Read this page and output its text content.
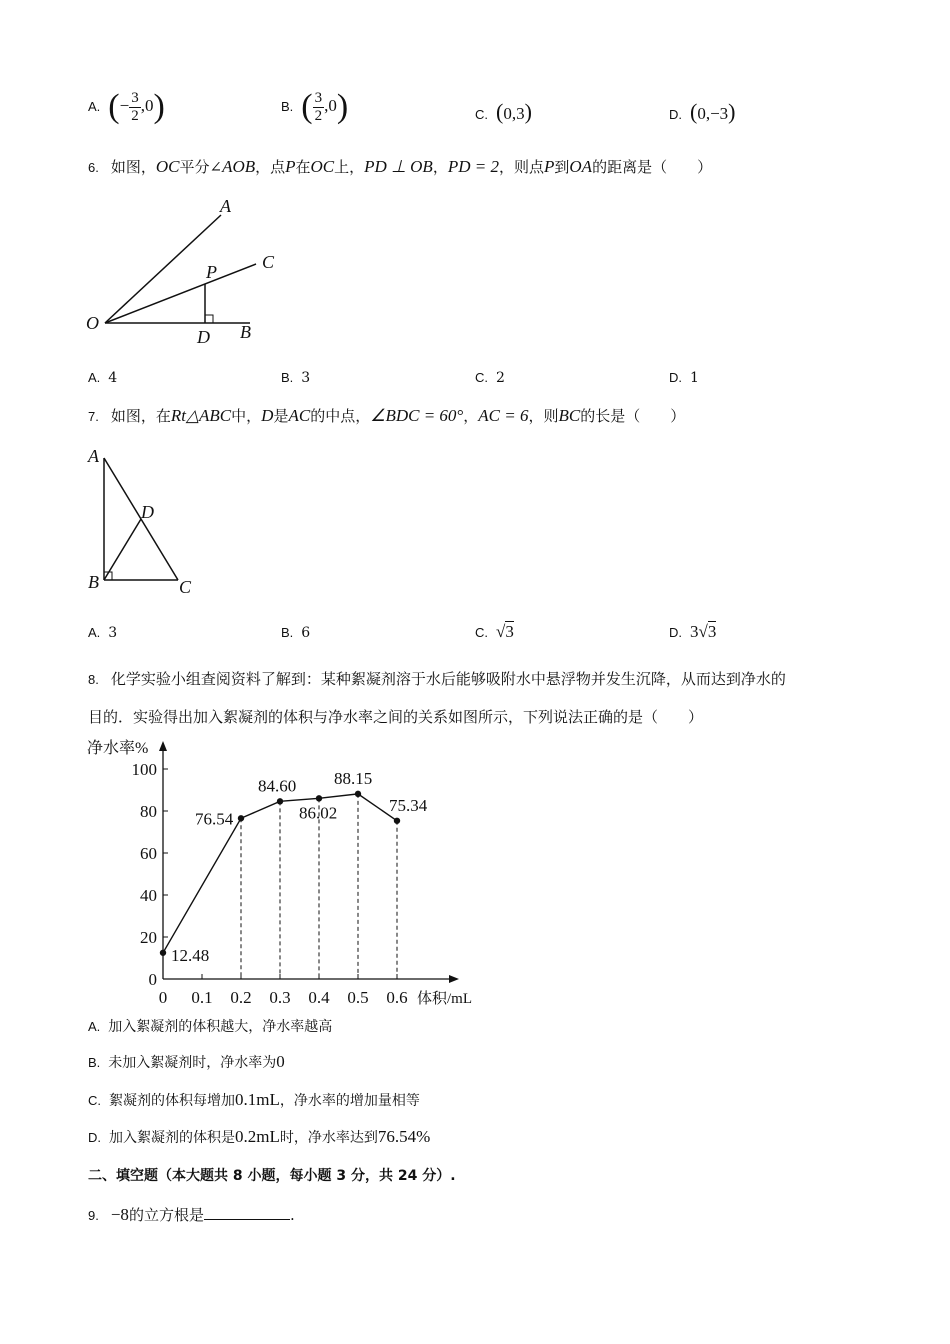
A. (− $\frac{3}{2} ,0$)	B. ( $\frac{3}{2} ,0$)	C. (0,3)	D. (0,−3)
6. 如图，OC平分∠AOB，点P在OC上，PD ⊥ OB，PD = 2，则点P到OA的距离是（　　）
A
C
P
O
D B
A. 4	B. 3	C. 2	D. 1
7. 如图，在Rt△ABC中，D是AC的中点，∠BDC = 60°，AC = 6，则BC的长是（　　）
A
D
B	C
A. 3	B. 6	C. √3	D. 3√3
8. 化学实验小组查阅资料了解到：某种絮凝剂溶于水后能够吸附水中悬浮物并发生沉降，从而达到净水的
目的．实验得出加入絮凝剂的体积与净水率之间的关系如图所示，下列说法正确的是（　　）
净水率%
体积/mL
0
20
40
60
80
100
0 0.1 0.2 0.3 0.4 0.5 0.6
12.48
76.54
84.60
86.02
88.15
75.34
A. 加入絮凝剂的体积越大，净水率越高
B. 未加入絮凝剂时，净水率为0
C. 絮凝剂的体积每增加0.1mL，净水率的增加量相等
D. 加入絮凝剂的体积是0.2mL时，净水率达到76.54%
二、填空题（本大题共 8 小题，每小题 3 分，共 24 分）.
9. −8的立方根是	.
